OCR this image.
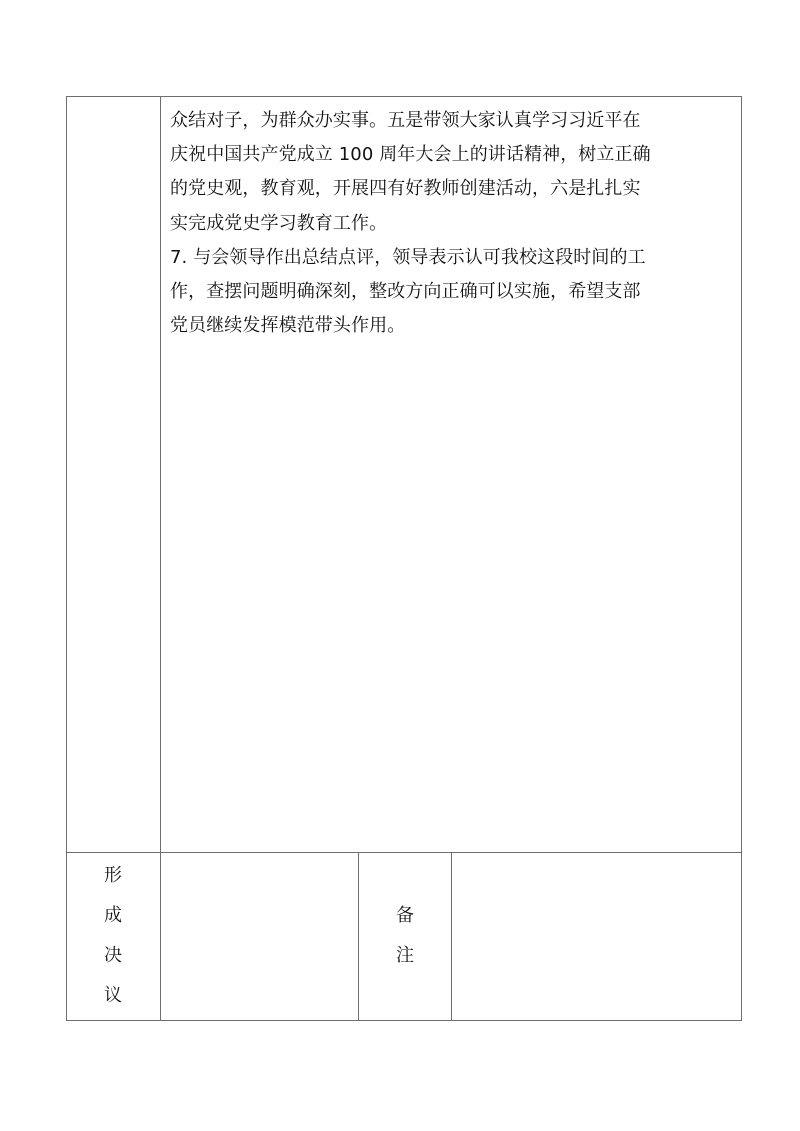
众结对子，为群众办实事。五是带领大家认真学习习近平在

庆祝中国共产党成立 100 周年大会上的讲话精神，树立正确

的党史观，教育观，开展四有好教师创建活动，六是扎扎实

实完成党史学习教育工作。

7. 与会领导作出总结点评，领导表示认可我校这段时间的工

作，查摆问题明确深刻，整改方向正确可以实施，希望支部

党员继续发挥模范带头作用。

形
成
决
议
备
注
